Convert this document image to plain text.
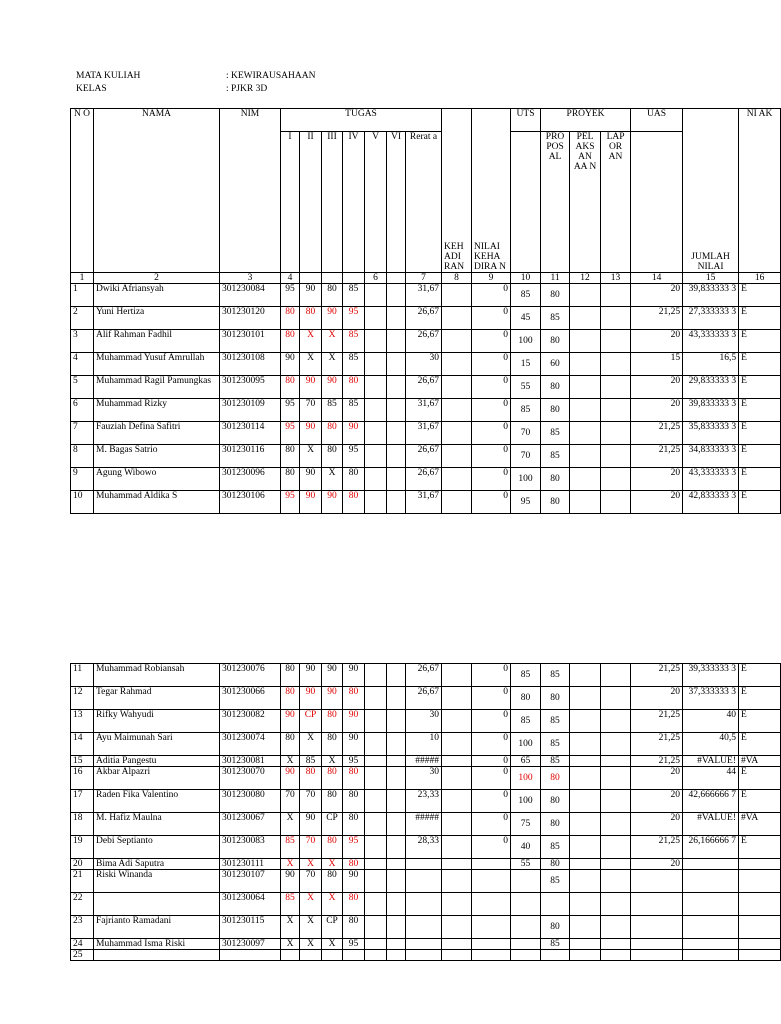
MATA KULIAH	: KEWIRAUSAHAAN
KELAS	: PJKR 3D
N O	NAMA	NIM	TUGAS							KEH ADI RAN	NILAI KEHA DIRA N	UTS	PROYEK			UAS	JUMLAH NILAI	NI AK
			I	II	III	IV	V	VI	Rerat a				PRO POS AL	PEL AKS AN AA N	LAP OR AN			
1	2	3	4				6		7	8	9	10	11	12	13	14	15	16
1	Dwiki Afriansyah	301230084	95	90	80	85			31,67		0	85	80			20	39,833333 3	E
2	Yuni Hertiza	301230120	80	80	90	95			26,67		0	45	85			21,25	27,333333 3	E
3	Alif Rahman Fadhil	301230101	80	X	X	85			26,67		0	100	80			20	43,333333 3	E
4	Muhammad Yusuf Amrullah	301230108	90	X	X	85			30		0	15	60			15	16,5	E
5	Muhammad Ragil Pamungkas	301230095	80	90	90	80			26,67		0	55	80			20	29,833333 3	E
6	Muhammad Rizky	301230109	95	70	85	85			31,67		0	85	80			20	39,833333 3	E
7	Fauziah Defina Safitri	301230114	95	90	80	90			31,67		0	70	85			21,25	35,833333 3	E
8	M. Bagas Satrio	301230116	80	X	80	95			26,67		0	70	85			21,25	34,833333 3	E
9	Agung Wibowo	301230096	80	90	X	80			26,67		0	100	80			20	43,333333 3	E
10	Muhammad Aldika S	301230106	95	90	90	80			31,67		0	95	80			20	42,833333 3	E
11	Muhammad Robiansah	301230076	80	90	90	90			26,67		0	85	85			21,25	39,333333 3	E
12	Tegar Rahmad	301230066	80	90	90	80			26,67		0	80	80			20	37,333333 3	E
13	Rifky Wahyudi	301230082	90	CP	80	90			30		0	85	85			21,25	40	E
14	Ayu Maimunah Sari	301230074	80	X	80	90			10		0	100	85			21,25	40,5	E
15	Aditia Pangestu	301230081	X	85	X	95			#####		0	65	85			21,25	#VALUE!	#VA
16	Akbar Alpazri	301230070	90	80	80	80			30		0	100	80			20	44	E
17	Raden Fika Valentino	301230080	70	70	80	80			23,33		0	100	80			20	42,666666 7	E
18	M. Hafiz Maulna	301230067	X	90	CP	80			#####		0	75	80			20	#VALUE!	#VA
19	Debi Septianto	301230083	85	70	80	95			28,33		0	40	85			21,25	26,166666 7	E
20	Bima Adi Saputra	301230111	X	X	X	80						55	80			20		
21	Riski Winanda	301230107	90	70	80	90							85					
22		301230064	85	X	X	80												
23	Fajrianto Ramadani	301230115	X	X	CP	80							80					
24	Muhammad Isma Riski	301230097	X	X	X	95							85					
25																		
